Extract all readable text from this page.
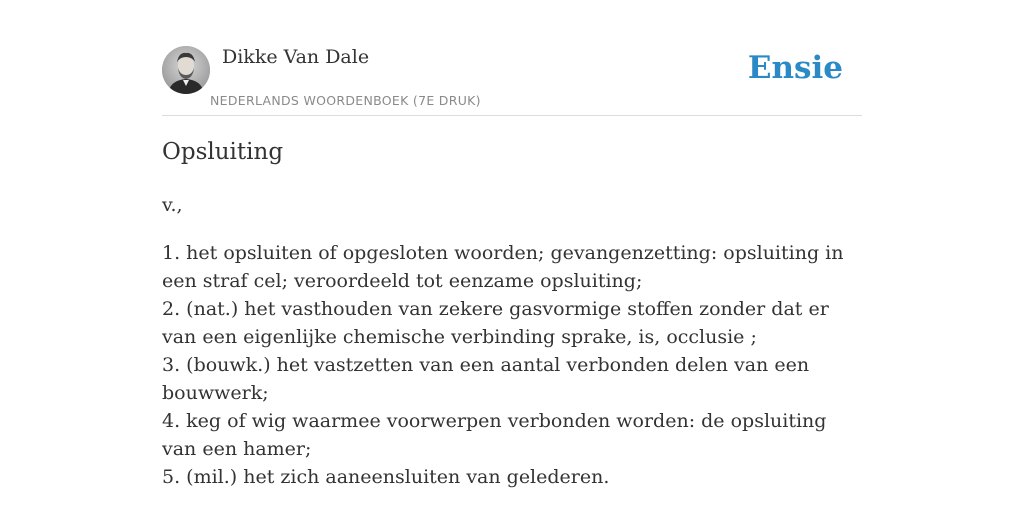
Dikke Van Dale
NEDERLANDS WOORDENBOEK (7E DRUK)
Ensie
Opsluiting
v.,
1. het opsluiten of opgesloten woorden; gevangenzetting: opsluiting in een straf cel; veroordeeld tot eenzame opsluiting;
2. (nat.) het vasthouden van zekere gasvormige stoffen zonder dat er van een eigenlijke chemische verbinding sprake, is, occlusie ;
3. (bouwk.) het vastzetten van een aantal verbonden delen van een bouwwerk;
4. keg of wig waarmee voorwerpen verbonden worden: de opsluiting van een hamer;
5. (mil.) het zich aaneensluiten van gelederen.
